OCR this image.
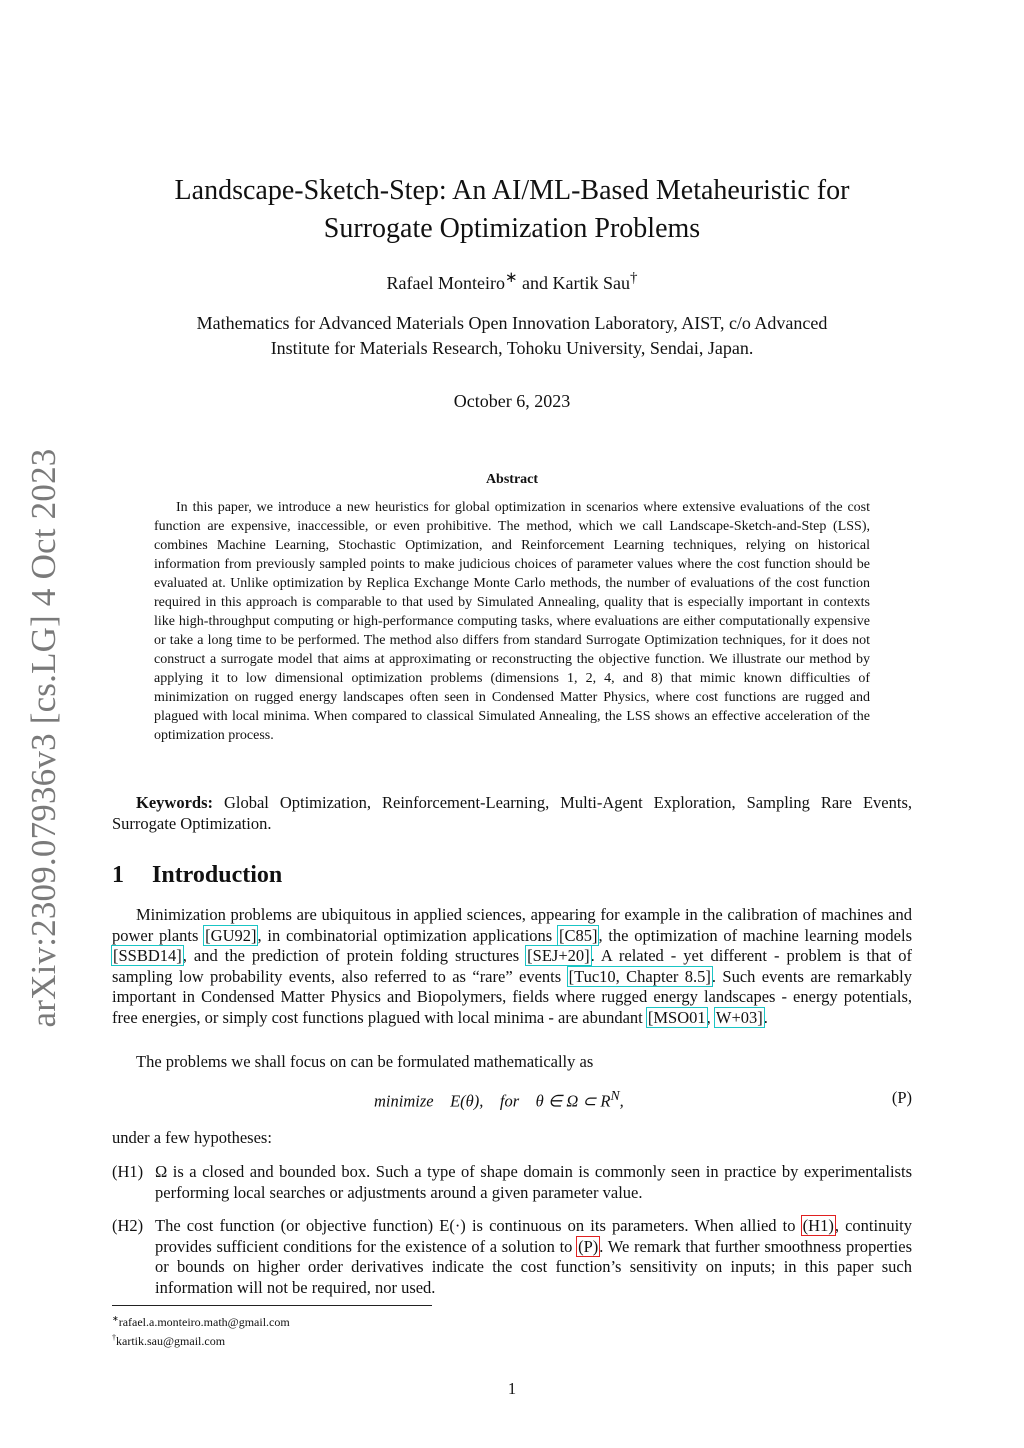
arXiv:2309.07936v3 [cs.LG] 4 Oct 2023
Landscape-Sketch-Step: An AI/ML-Based Metaheuristic for
Surrogate Optimization Problems
Rafael Monteiro∗ and Kartik Sau†
Mathematics for Advanced Materials Open Innovation Laboratory, AIST, c/o Advanced
Institute for Materials Research, Tohoku University, Sendai, Japan.
October 6, 2023
Abstract
In this paper, we introduce a new heuristics for global optimization in scenarios where extensive evaluations of the cost function are expensive, inaccessible, or even prohibitive. The method, which we call Landscape-Sketch-and-Step (LSS), combines Machine Learning, Stochastic Optimization, and Reinforcement Learning techniques, relying on historical information from previously sampled points to make judicious choices of parameter values where the cost function should be evaluated at. Unlike optimization by Replica Exchange Monte Carlo methods, the number of evaluations of the cost function required in this approach is comparable to that used by Simulated Annealing, quality that is especially important in contexts like high-throughput computing or high-performance computing tasks, where evaluations are either computationally expensive or take a long time to be performed. The method also differs from standard Surrogate Optimization techniques, for it does not construct a surrogate model that aims at approximating or reconstructing the objective function. We illustrate our method by applying it to low dimensional optimization problems (dimensions 1, 2, 4, and 8) that mimic known difficulties of minimization on rugged energy landscapes often seen in Condensed Matter Physics, where cost functions are rugged and plagued with local minima. When compared to classical Simulated Annealing, the LSS shows an effective acceleration of the optimization process.
Keywords: Global Optimization, Reinforcement-Learning, Multi-Agent Exploration, Sampling Rare Events, Surrogate Optimization.
1 Introduction
Minimization problems are ubiquitous in applied sciences, appearing for example in the calibration of machines and power plants [GU92], in combinatorial optimization applications [C85], the optimization of machine learning models [SSBD14], and the prediction of protein folding structures [SEJ+20]. A related - yet different - problem is that of sampling low probability events, also referred to as “rare” events [Tuc10, Chapter 8.5]. Such events are remarkably important in Condensed Matter Physics and Biopolymers, fields where rugged energy landscapes - energy potentials, free energies, or simply cost functions plagued with local minima - are abundant [MSO01, W+03].
The problems we shall focus on can be formulated mathematically as
minimize    E(θ),    for    θ ∈ Ω ⊂ $R^N$,	(P)
under a few hypotheses:
(H1) Ω is a closed and bounded box. Such a type of shape domain is commonly seen in practice by experimentalists performing local searches or adjustments around a given parameter value.
(H2) The cost function (or objective function) E(·) is continuous on its parameters. When allied to (H1), continuity provides sufficient conditions for the existence of a solution to (P). We remark that further smoothness properties or bounds on higher order derivatives indicate the cost function’s sensitivity on inputs; in this paper such information will not be required, nor used.
∗rafael.a.monteiro.math@gmail.com
†kartik.sau@gmail.com
1
